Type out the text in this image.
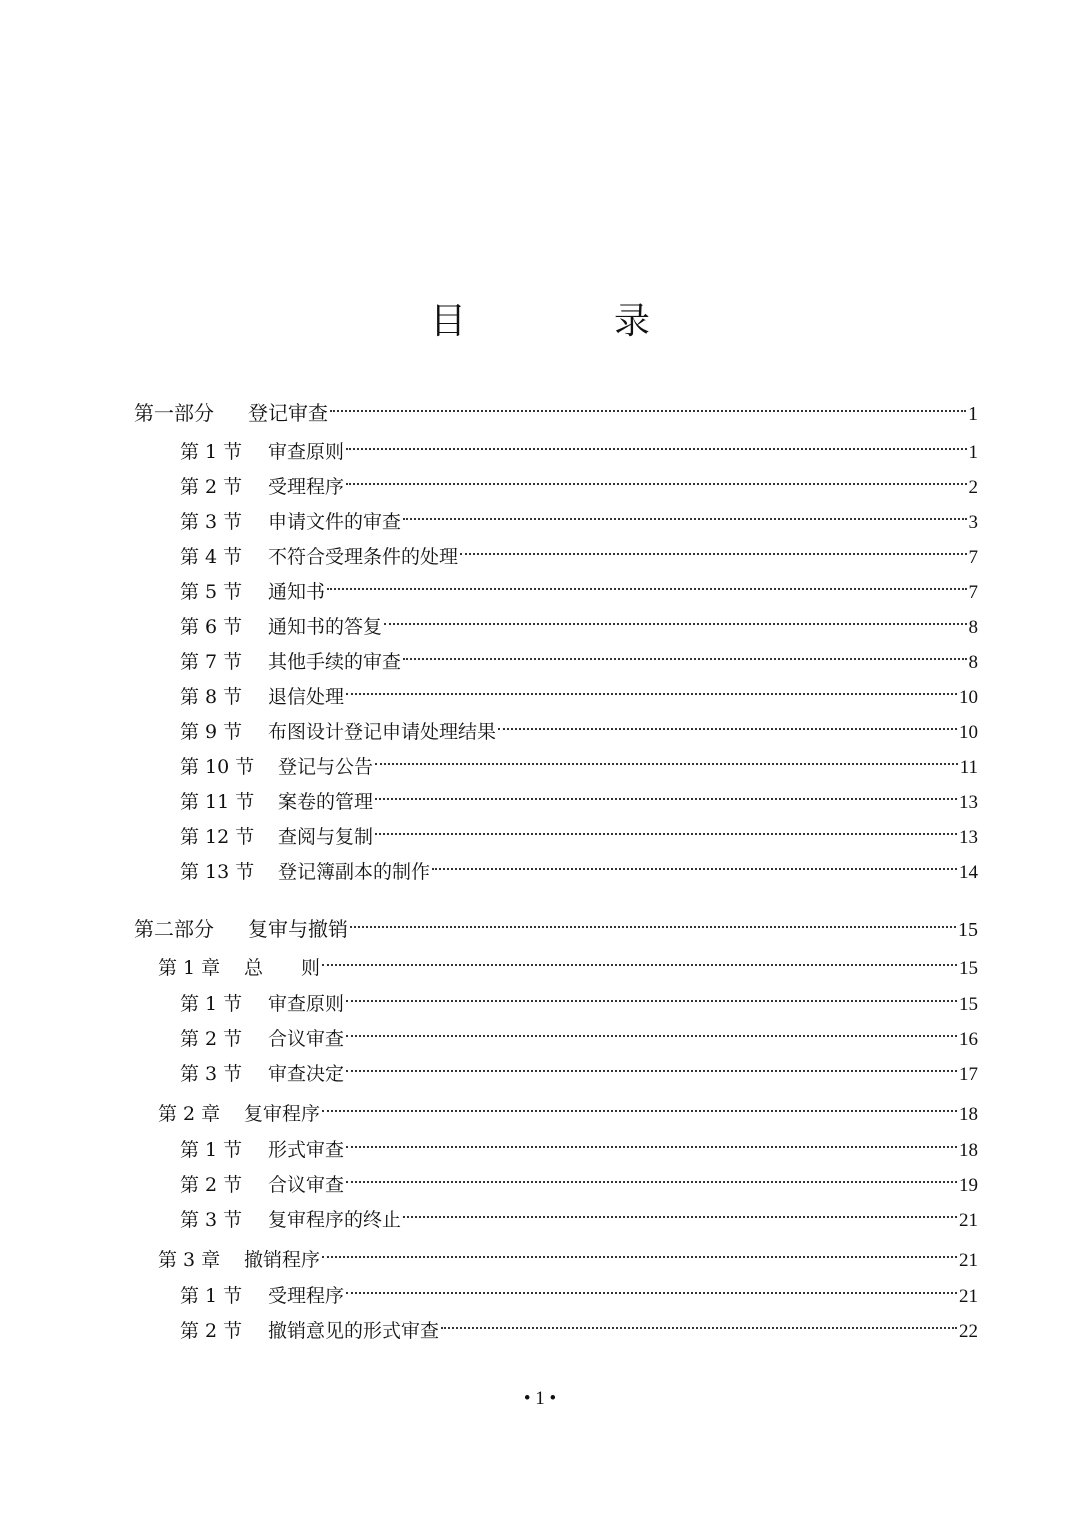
目　录
第一部分	登记审查	1
第 1 节	审查原则	1
第 2 节	受理程序	2
第 3 节	申请文件的审查	3
第 4 节	不符合受理条件的处理	7
第 5 节	通知书	7
第 6 节	通知书的答复	8
第 7 节	其他手续的审查	8
第 8 节	退信处理	10
第 9 节	布图设计登记申请处理结果	10
第 10 节	登记与公告	11
第 11 节	案卷的管理	13
第 12 节	查阅与复制	13
第 13 节	登记簿副本的制作	14
第二部分	复审与撤销	15
第 1 章	总　　则	15
第 1 节	审查原则	15
第 2 节	合议审查	16
第 3 节	审查决定	17
第 2 章	复审程序	18
第 1 节	形式审查	18
第 2 节	合议审查	19
第 3 节	复审程序的终止	21
第 3 章	撤销程序	21
第 1 节	受理程序	21
第 2 节	撤销意见的形式审查	22
• 1 •
